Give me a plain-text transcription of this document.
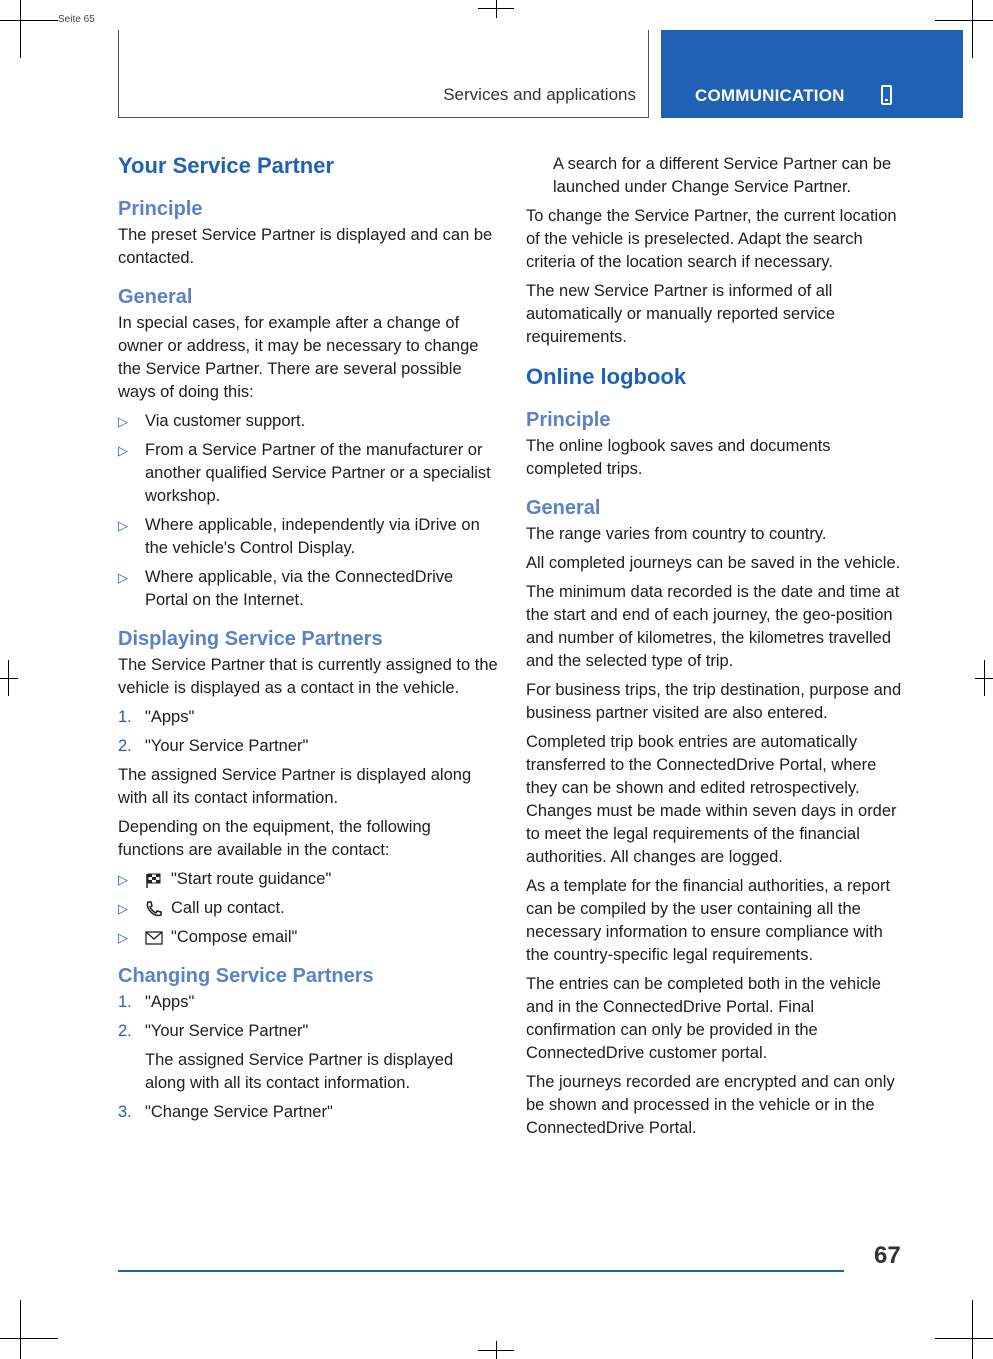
Seite 65
Services and applications	COMMUNICATION
Your Service Partner
Principle

The preset Service Partner is displayed and can be contacted.

General

In special cases, for example after a change of owner or address, it may be necessary to change the Service Partner. There are several possible ways of doing this:

▷ Via customer support.
▷ From a Service Partner of the manufacturer or another qualified Service Partner or a specialist workshop.
▷ Where applicable, independently via iDrive on the vehicle's Control Display.
▷ Where applicable, via the ConnectedDrive Portal on the Internet.
Displaying Service Partners

The Service Partner that is currently assigned to the vehicle is displayed as a contact in the vehicle.

1. "Apps"
2. "Your Service Partner"

The assigned Service Partner is displayed along with all its contact information.

Depending on the equipment, the following functions are available in the contact:

▷	"Start route guidance"
▷	Call up contact.
▷	"Compose email"
Changing Service Partners
1. "Apps"
2. "Your Service Partner"

The assigned Service Partner is displayed along with all its contact information.

3. "Change Service Partner"

A search for a different Service Partner can be launched under Change Service Partner.

To change the Service Partner, the current location of the vehicle is preselected. Adapt the search criteria of the location search if necessary.

The new Service Partner is informed of all automatically or manually reported service requirements.

Online logbook
Principle

The online logbook saves and documents completed trips.

General

The range varies from country to country.

All completed journeys can be saved in the vehicle.

The minimum data recorded is the date and time at the start and end of each journey, the geo-position and number of kilometres, the kilometres travelled and the selected type of trip.

For business trips, the trip destination, purpose and business partner visited are also entered.

Completed trip book entries are automatically transferred to the ConnectedDrive Portal, where they can be shown and edited retrospectively. Changes must be made within seven days in order to meet the legal requirements of the financial authorities. All changes are logged.

As a template for the financial authorities, a report can be compiled by the user containing all the necessary information to ensure compliance with the country-specific legal requirements.

The entries can be completed both in the vehicle and in the ConnectedDrive Portal. Final confirmation can only be provided in the ConnectedDrive customer portal.

The journeys recorded are encrypted and can only be shown and processed in the vehicle or in the ConnectedDrive Portal.

67
